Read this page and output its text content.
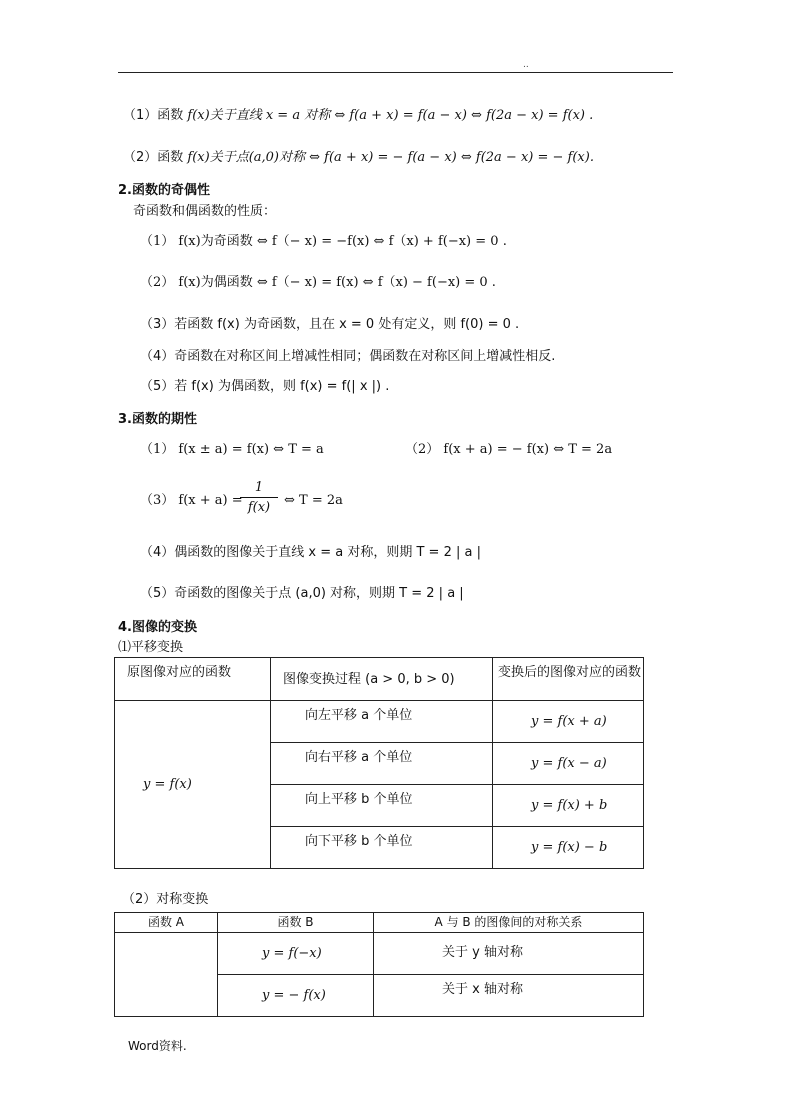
..
（1）函数 f(x)关于直线 x = a 对称 ⇔ f(a + x) = f(a − x) ⇔ f(2a − x) = f(x) .
（2）函数 f(x)关于点(a,0)对称 ⇔ f(a + x) = − f(a − x) ⇔ f(2a − x) = − f(x).
2.函数的奇偶性
奇函数和偶函数的性质：
（1） f(x)为奇函数 ⇔ f（− x) = −f(x) ⇔ f（x) + f(−x) = 0 .
（2） f(x)为偶函数 ⇔ f（− x) = f(x) ⇔ f（x) − f(−x) = 0 .
（3）若函数 f(x) 为奇函数，且在 x = 0 处有定义，则 f(0) = 0 .
（4）奇函数在对称区间上增减性相同；偶函数在对称区间上增减性相反.
（5）若 f(x) 为偶函数，则 f(x) = f(| x |) .
3.函数的期性
（1） f(x ± a) = f(x) ⇔ T = a	（2） f(x + a) = − f(x) ⇔ T = 2a
（3） f(x + a) =
1
f(x)	⇔ T = 2a
（4）偶函数的图像关于直线 x = a 对称，则期 T = 2 | a |
（5）奇函数的图像关于点 (a,0) 对称，则期 T = 2 | a |
4.图像的变换
⑴平移变换
原图像对应的函数	图像变换过程 (a > 0, b > 0)	变换后的图像对应的函数
y = f(x)	向左平移 a 个单位	y = f(x + a)
	向右平移 a 个单位	y = f(x − a)
	向上平移 b 个单位	y = f(x) + b
	向下平移 b 个单位	y = f(x) − b
（2）对称变换
函数 A	函数 B	A 与 B 的图像间的对称关系
	y = f(−x)	关于 y 轴对称
	y = − f(x)	关于 x 轴对称
Word资料.
